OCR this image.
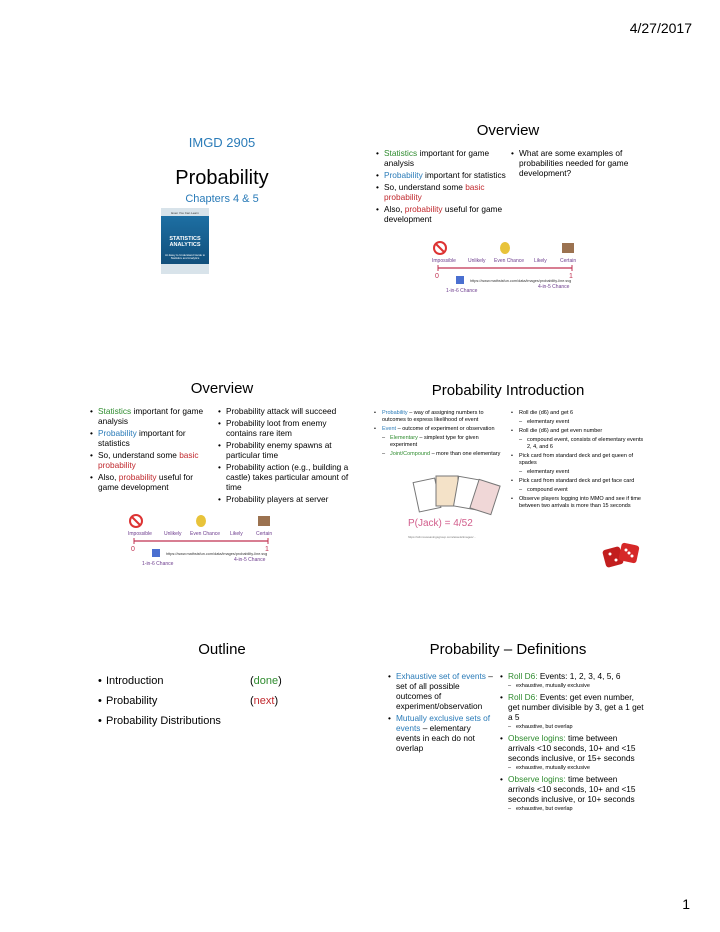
4/27/2017
IMGD 2905
Probability
Chapters 4 & 5
Even You Can Learn
STATISTICS ANALYTICS
An Easy to Understand Guide to Statistics and Analytics
Overview
• Statistics important for game analysis
• Probability important for statistics
• So, understand some basic probability
• Also, probability useful for game development
• What are some examples of probabilities needed for game development?
Impossible Unlikely Even Chance Likely	Certain
0	1
https://www.mathsisfun.com/data/images/probability-line.svg
1-in-6 Chance
4-in-5 Chance
Overview
• Statistics important for game analysis
• Probability important for statistics
• So, understand some basic probability
• Also, probability useful for game development
• Probability attack will succeed
• Probability loot from enemy contains rare item
• Probability enemy spawns at particular time
• Probability action (e.g., building a castle) takes particular amount of time
• Probability players at server
Impossible Unlikely Even Chance Likely	Certain
0	1
https://www.mathsisfun.com/data/images/probability-line.svg
1-in-6 Chance
4-in-5 Chance
Probability Introduction
• Probability – way of assigning numbers to outcomes to express likelihood of event
• Event – outcome of experiment or observation
– Elementary – simplest type for given experiment
– Joint/Compound – more than one elementary
P(Jack) = 4/52
https://cdn.lovesavingsgroup.com/assets/images/...
• Roll die (d6) and get 6
– elementary event
• Roll die (d6) and get even number
– compound event, consists of elementary events 2, 4, and 6
• Pick card from standard deck and get queen of spades
– elementary event
• Pick card from standard deck and get face card
– compound event
• Observe players logging into MMO and see if time between two arrivals is more than 15 seconds
Outline
• Introduction	(done)
• Probability	(next)
• Probability Distributions
Probability – Definitions
• Exhaustive set of events – set of all possible outcomes of experiment/observation
• Mutually exclusive sets of events – elementary events in each do not overlap
• Roll D6: Events: 1, 2, 3, 4, 5, 6
– exhaustive, mutually exclusive
• Roll D6: Events: get even number, get number divisible by 3, get a 1 get a 5
– exhaustive, but overlap
• Observe logins: time between arrivals <10 seconds, 10+ and <15 seconds inclusive, or 15+ seconds
– exhaustive, mutually exclusive
• Observe logins: time between arrivals <10 seconds, 10+ and <15 seconds inclusive, or 10+ seconds
– exhaustive, but overlap
1
